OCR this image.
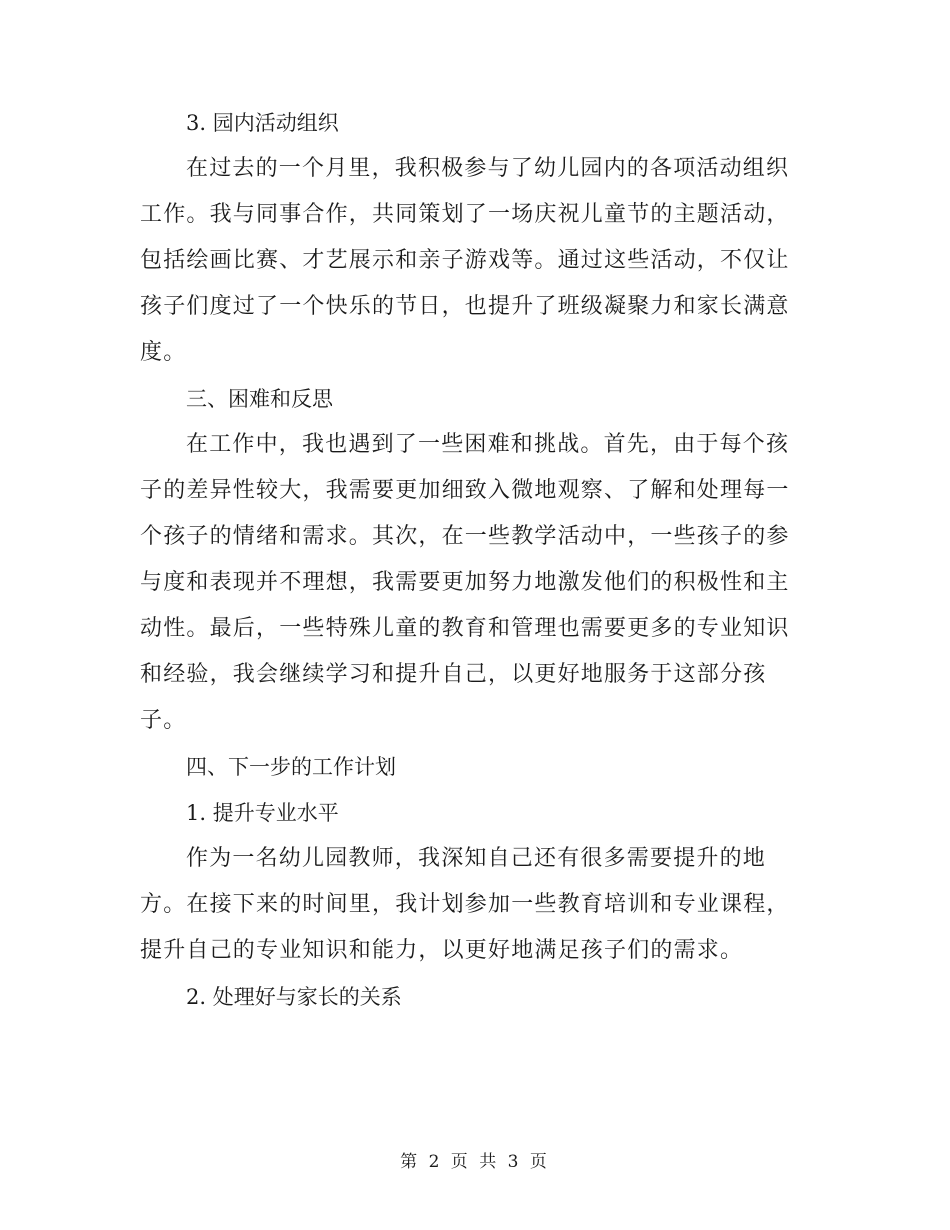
3. 园内活动组织

在过去的一个月里，我积极参与了幼儿园内的各项活动组织工作。我与同事合作，共同策划了一场庆祝儿童节的主题活动，包括绘画比赛、才艺展示和亲子游戏等。通过这些活动，不仅让孩子们度过了一个快乐的节日，也提升了班级凝聚力和家长满意度。

三、困难和反思

在工作中，我也遇到了一些困难和挑战。首先，由于每个孩子的差异性较大，我需要更加细致入微地观察、了解和处理每一个孩子的情绪和需求。其次，在一些教学活动中，一些孩子的参与度和表现并不理想，我需要更加努力地激发他们的积极性和主动性。最后，一些特殊儿童的教育和管理也需要更多的专业知识和经验，我会继续学习和提升自己，以更好地服务于这部分孩子。

四、下一步的工作计划

1. 提升专业水平

作为一名幼儿园教师，我深知自己还有很多需要提升的地方。在接下来的时间里，我计划参加一些教育培训和专业课程，提升自己的专业知识和能力，以更好地满足孩子们的需求。

2. 处理好与家长的关系

第 2 页 共 3 页
